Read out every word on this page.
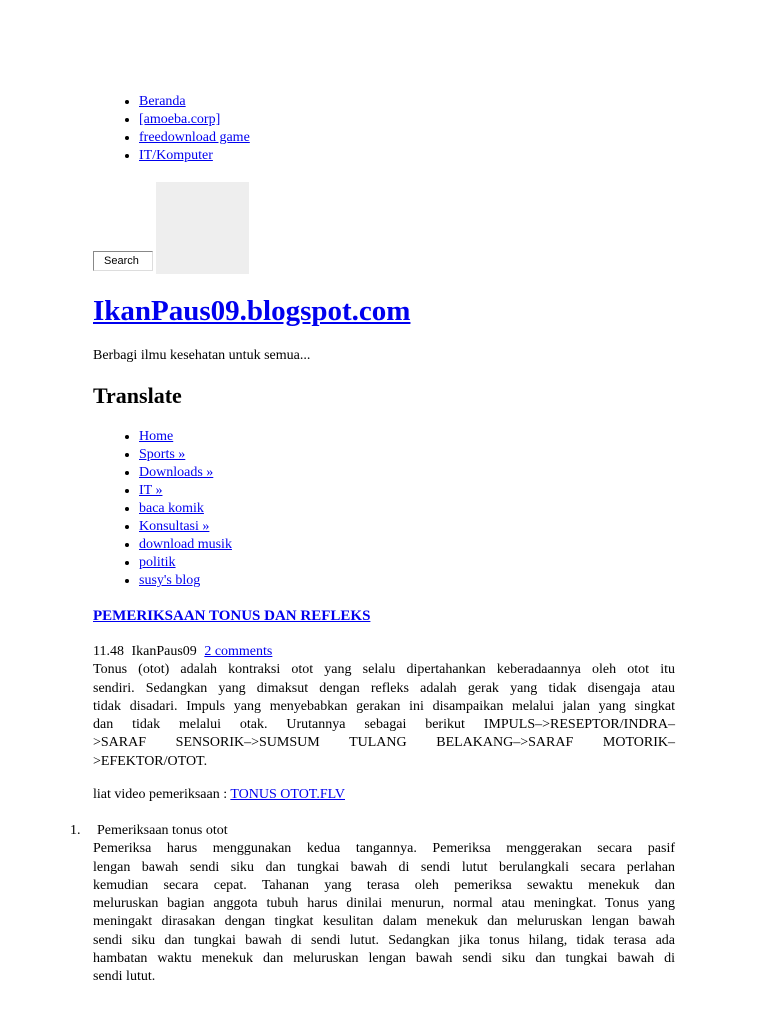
• Beranda
• [amoeba.corp]
• freedownload game
• IT/Komputer
Search
IkanPaus09.blogspot.com

Berbagi ilmu kesehatan untuk semua...

Translate
• Home
• Sports »
• Downloads »
• IT »
• baca komik
• Konsultasi »
• download musik
• politik
• susy's blog
PEMERIKSAAN TONUS DAN REFLEKS
11.48 IkanPaus09 2 comments
Tonus (otot) adalah kontraksi otot yang selalu dipertahankan keberadaannya oleh otot itu
sendiri. Sedangkan yang dimaksut dengan refleks adalah gerak yang tidak disengaja atau
tidak disadari. Impuls yang menyebabkan gerakan ini disampaikan melalui jalan yang singkat
dan tidak melalui otak. Urutannya sebagai berikut IMPULS–>RESEPTOR/INDRA–
>SARAF SENSORIK–>SUMSUM TULANG BELAKANG–>SARAF MOTORIK–
>EFEKTOR/OTOT.
liat video pemeriksaan : TONUS OTOT.FLV
1.	Pemeriksaan tonus otot
Pemeriksa harus menggunakan kedua tangannya. Pemeriksa menggerakan secara pasif
lengan bawah sendi siku dan tungkai bawah di sendi lutut berulangkali secara perlahan
kemudian secara cepat. Tahanan yang terasa oleh pemeriksa sewaktu menekuk dan
meluruskan bagian anggota tubuh harus dinilai menurun, normal atau meningkat. Tonus yang
meningakt dirasakan dengan tingkat kesulitan dalam menekuk dan meluruskan lengan bawah
sendi siku dan tungkai bawah di sendi lutut. Sedangkan jika tonus hilang, tidak terasa ada
hambatan waktu menekuk dan meluruskan lengan bawah sendi siku dan tungkai bawah di
sendi lutut.
